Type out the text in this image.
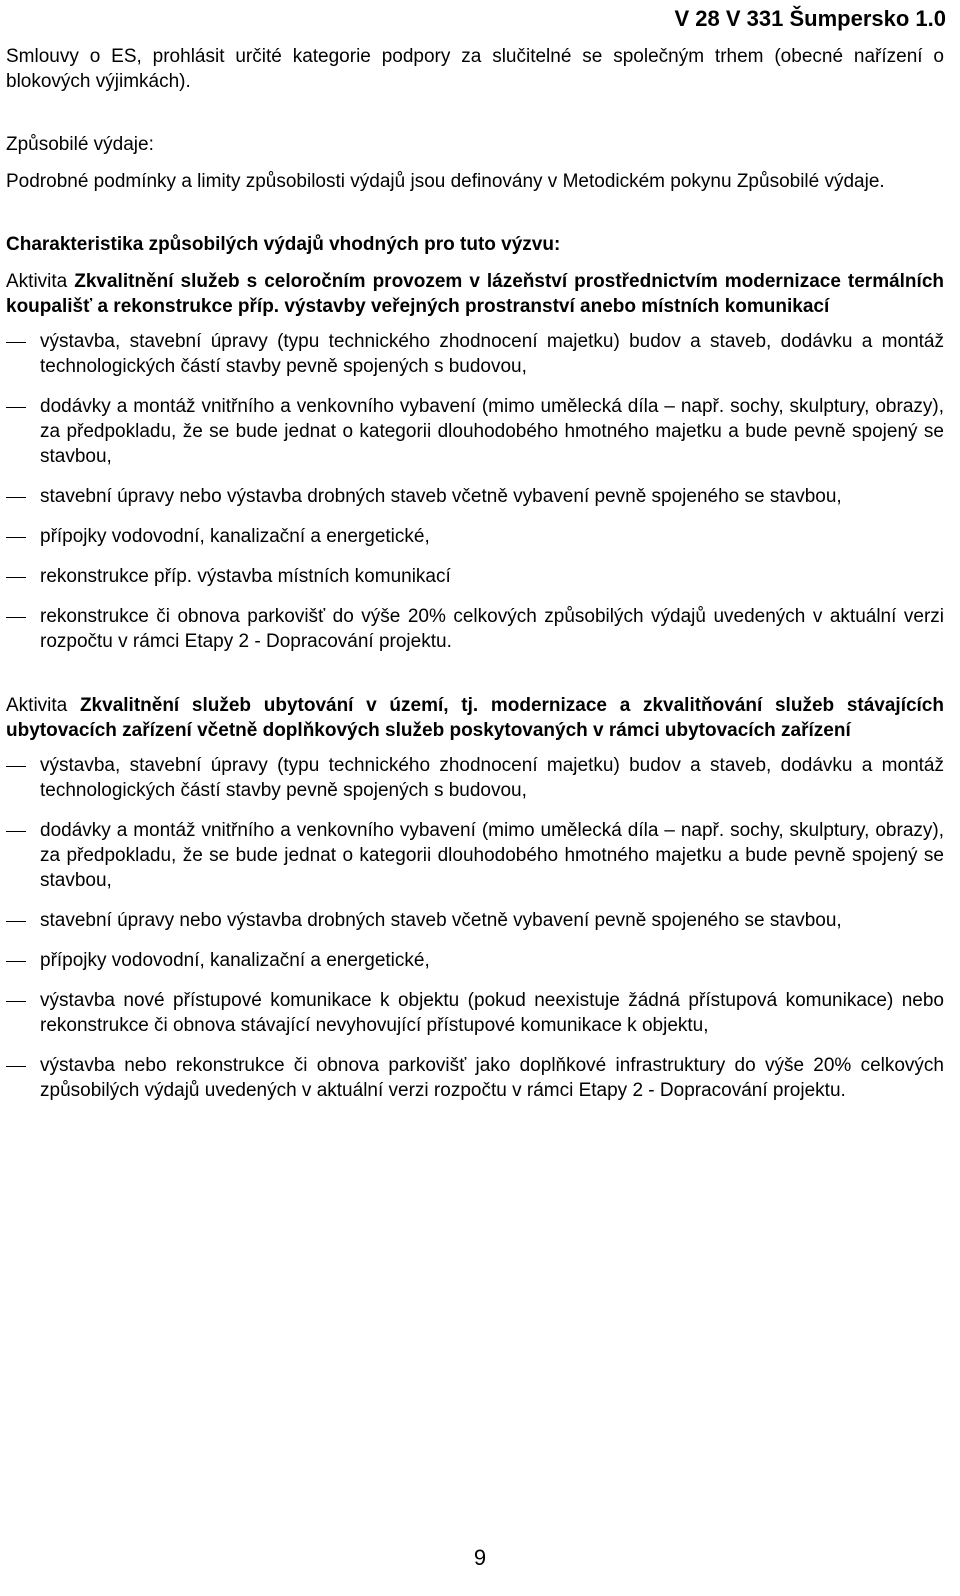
V 28 V 331 Šumpersko 1.0

Smlouvy o ES, prohlásit určité kategorie podpory za slučitelné se společným trhem (obecné nařízení o blokových výjimkách).

Způsobilé výdaje:

Podrobné podmínky a limity způsobilosti výdajů jsou definovány v Metodickém pokynu Způsobilé výdaje.

Charakteristika způsobilých výdajů vhodných pro tuto výzvu:

Aktivita Zkvalitnění služeb s celoročním provozem v lázeňství prostřednictvím modernizace termálních koupališť a rekonstrukce příp. výstavby veřejných prostranství anebo místních komunikací

výstavba, stavební úpravy (typu technického zhodnocení majetku) budov a staveb, dodávku a montáž technologických částí stavby pevně spojených s budovou,
dodávky a montáž vnitřního a venkovního vybavení (mimo umělecká díla – např. sochy, skulptury, obrazy), za předpokladu, že se bude jednat o kategorii dlouhodobého hmotného majetku a bude pevně spojený se stavbou,
stavební úpravy nebo výstavba drobných staveb včetně vybavení pevně spojeného se stavbou,
přípojky vodovodní, kanalizační a energetické,
rekonstrukce příp. výstavba místních komunikací
rekonstrukce či obnova parkovišť do výše 20% celkových způsobilých výdajů uvedených v aktuální verzi rozpočtu v rámci Etapy 2 - Dopracování projektu.

Aktivita Zkvalitnění služeb ubytování v území, tj. modernizace a zkvalitňování služeb stávajících ubytovacích zařízení včetně doplňkových služeb poskytovaných v rámci ubytovacích zařízení

výstavba, stavební úpravy (typu technického zhodnocení majetku) budov a staveb, dodávku a montáž technologických částí stavby pevně spojených s budovou,
dodávky a montáž vnitřního a venkovního vybavení (mimo umělecká díla – např. sochy, skulptury, obrazy), za předpokladu, že se bude jednat o kategorii dlouhodobého hmotného majetku a bude pevně spojený se stavbou,
stavební úpravy nebo výstavba drobných staveb včetně vybavení pevně spojeného se stavbou,
přípojky vodovodní, kanalizační a energetické,
výstavba nové přístupové komunikace k objektu (pokud neexistuje žádná přístupová komunikace) nebo rekonstrukce či obnova stávající nevyhovující přístupové komunikace k objektu,
výstavba nebo rekonstrukce či obnova parkovišť jako doplňkové infrastruktury do výše 20% celkových způsobilých výdajů uvedených v aktuální verzi rozpočtu v rámci Etapy 2 - Dopracování projektu.
9
